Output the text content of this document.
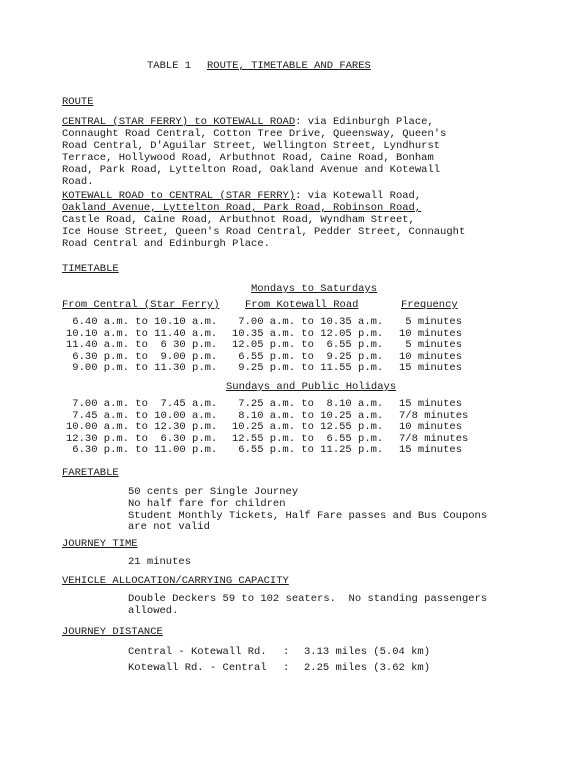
TABLE 1 ROUTE, TIMETABLE AND FARES
ROUTE
CENTRAL (STAR FERRY) to KOTEWALL ROAD: via Edinburgh Place,
Connaught Road Central, Cotton Tree Drive, Queensway, Queen's
Road Central, D'Aguilar Street, Wellington Street, Lyndhurst
Terrace, Hollywood Road, Arbuthnot Road, Caine Road, Bonham
Road, Park Road, Lyttelton Road, Oakland Avenue and Kotewall
Road.
KOTEWALL ROAD to CENTRAL (STAR FERRY): via Kotewall Road,
Oakland Avenue, Lyttelton Road, Park Road, Robinson Road,
Castle Road, Caine Road, Arbuthnot Road, Wyndham Street,
Ice House Street, Queen's Road Central, Pedder Street, Connaught
Road Central and Edinburgh Place.
TIMETABLE
Mondays to Saturdays
From Central (Star Ferry) From Kotewall Road	Frequency
6.40 a.m. to 10.10 a.m.
10.10 a.m. to 11.40 a.m.
11.40 a.m. to  6 30 p.m.
6.30 p.m. to  9.00 p.m.
9.00 p.m. to 11.30 p.m.
7.00 a.m. to 10.35 a.m.
10.35 a.m. to 12.05 p.m.
12.05 p.m. to  6.55 p.m.
6.55 p.m. to  9.25 p.m.
9.25 p.m. to 11.55 p.m.
5 minutes
10 minutes
5 minutes
10 minutes
15 minutes
Sundays and Public Holidays
7.00 a.m. to  7.45 a.m.
7.45 a.m. to 10.00 a.m.
10.00 a.m. to 12.30 p.m.
12.30 p.m. to  6.30 p.m.
6.30 p.m. to 11.00 p.m.
7.25 a.m. to  8.10 a.m.
8.10 a.m. to 10.25 a.m.
10.25 a.m. to 12.55 p.m.
12.55 p.m. to  6.55 p.m.
6.55 p.m. to 11.25 p.m.
15 minutes
7/8 minutes
10 minutes
7/8 minutes
15 minutes
FARETABLE
50 cents per Single Journey
No half fare for children
Student Monthly Tickets, Half Fare passes and Bus Coupons
are not valid
JOURNEY TIME
21 minutes
VEHICLE ALLOCATION/CARRYING CAPACITY
Double Deckers 59 to 102 seaters.  No standing passengers
allowed.
JOURNEY DISTANCE
Central - Kotewall Rd. : 3.13 miles (5.04 km)
Kotewall Rd. - Central : 2.25 miles (3.62 km)
